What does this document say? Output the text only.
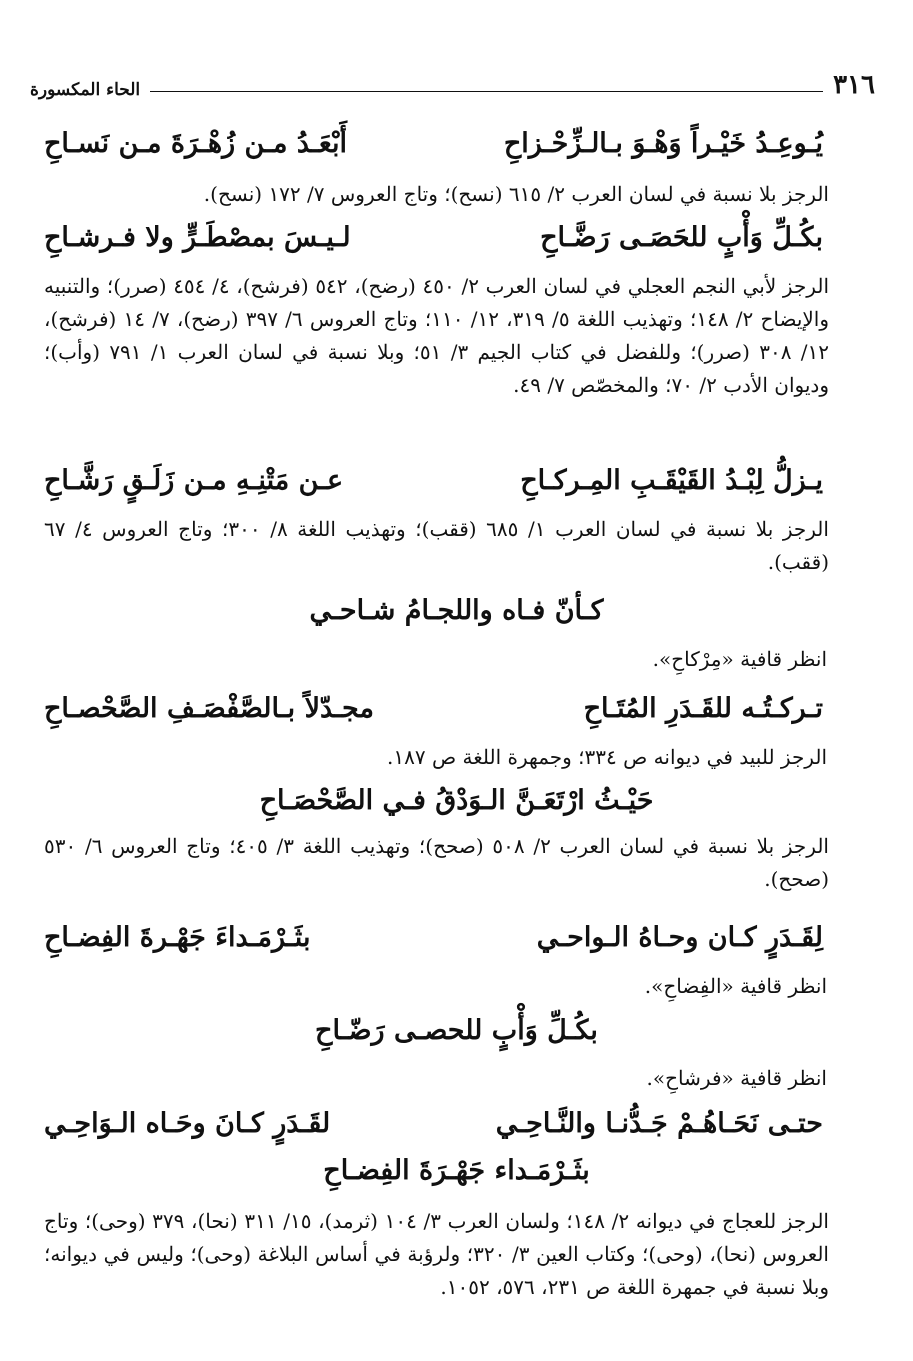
٣١٦
الحاء المكسورة
يُـوعِـدُ خَيْـراً وَهْـوَ بـالـزِّحْـزاحِ
أَبْعَـدُ مـن زُهْـرَةَ مـن نَسـاحِ
الرجز بلا نسبة في لسان العرب ٢/ ٦١٥ (نسح)؛ وتاج العروس ٧/ ١٧٢ (نسح).
بكُـلِّ وَأْبٍ للحَصَـى رَضَّـاحِ
لـيـسَ بمصْطَـرٍّ ولا فـرشـاحِ
الرجز لأبي النجم العجلي في لسان العرب ٢/ ٤٥٠ (رضح)، ٥٤٢ (فرشح)، ٤/ ٤٥٤ (صرر)؛ والتنبيه والإيضاح ٢/ ١٤٨؛ وتهذيب اللغة ٥/ ٣١٩، ١٢/ ١١٠؛ وتاج العروس ٦/ ٣٩٧ (رضح)، ٧/ ١٤ (فرشح)، ١٢/ ٣٠٨ (صرر)؛ وللفضل في كتاب الجيم ٣/ ٥١؛ وبلا نسبة في لسان العرب ١/ ٧٩١ (وأب)؛ وديوان الأدب ٢/ ٧٠؛ والمخصّص ٧/ ٤٩.
يـزلُّ لِبْـدُ القَيْقَـبِ المِـركـاحِ
عـن مَتْنِـهِ مـن زَلَـقٍ رَشَّـاحِ
الرجز بلا نسبة في لسان العرب ١/ ٦٨٥ (ققب)؛ وتهذيب اللغة ٨/ ٣٠٠؛ وتاج العروس ٤/ ٦٧ (ققب).
كـأنّ فـاه واللجـامُ شـاحـي
انظر قافية «مِرْكاحِ».
تـركـتُـه للقَـدَرِ المُتَـاحِ
مجـدّلاً بـالصَّفْصَـفِ الصَّحْصـاحِ
الرجز للبيد في ديوانه ص ٣٣٤؛ وجمهرة اللغة ص ١٨٧.
حَيْـثُ ارْتَعَـنَّ الـوَدْقُ فـي الصَّحْصَـاحِ
الرجز بلا نسبة في لسان العرب ٢/ ٥٠٨ (صحح)؛ وتهذيب اللغة ٣/ ٤٠٥؛ وتاج العروس ٦/ ٥٣٠ (صحح).
لِقَـدَرٍ كـان وحـاهُ الـواحـي
بثَـرْمَـداءَ جَهْـرةَ الفِضـاحِ
انظر قافية «الفِضاحِ».
بكُـلِّ وَأْبٍ للحصـى رَضّـاحِ
انظر قافية «فرشاحِ».
حتـى نَحَـاهُـمْ جَـدُّنـا والنَّـاحِـي
لقَـدَرٍ كـانَ وحَـاه الـوَاحِـي
بثَـرْمَـداء جَهْـرَةَ الفِضـاحِ
الرجز للعجاج في ديوانه ٢/ ١٤٨؛ ولسان العرب ٣/ ١٠٤ (ثرمد)، ١٥/ ٣١١ (نحا)، ٣٧٩ (وحى)؛ وتاج العروس (نحا)، (وحى)؛ وكتاب العين ٣/ ٣٢٠؛ ولرؤبة في أساس البلاغة (وحى)؛ وليس في ديوانه؛ وبلا نسبة في جمهرة اللغة ص ٢٣١، ٥٧٦، ١٠٥٢.
